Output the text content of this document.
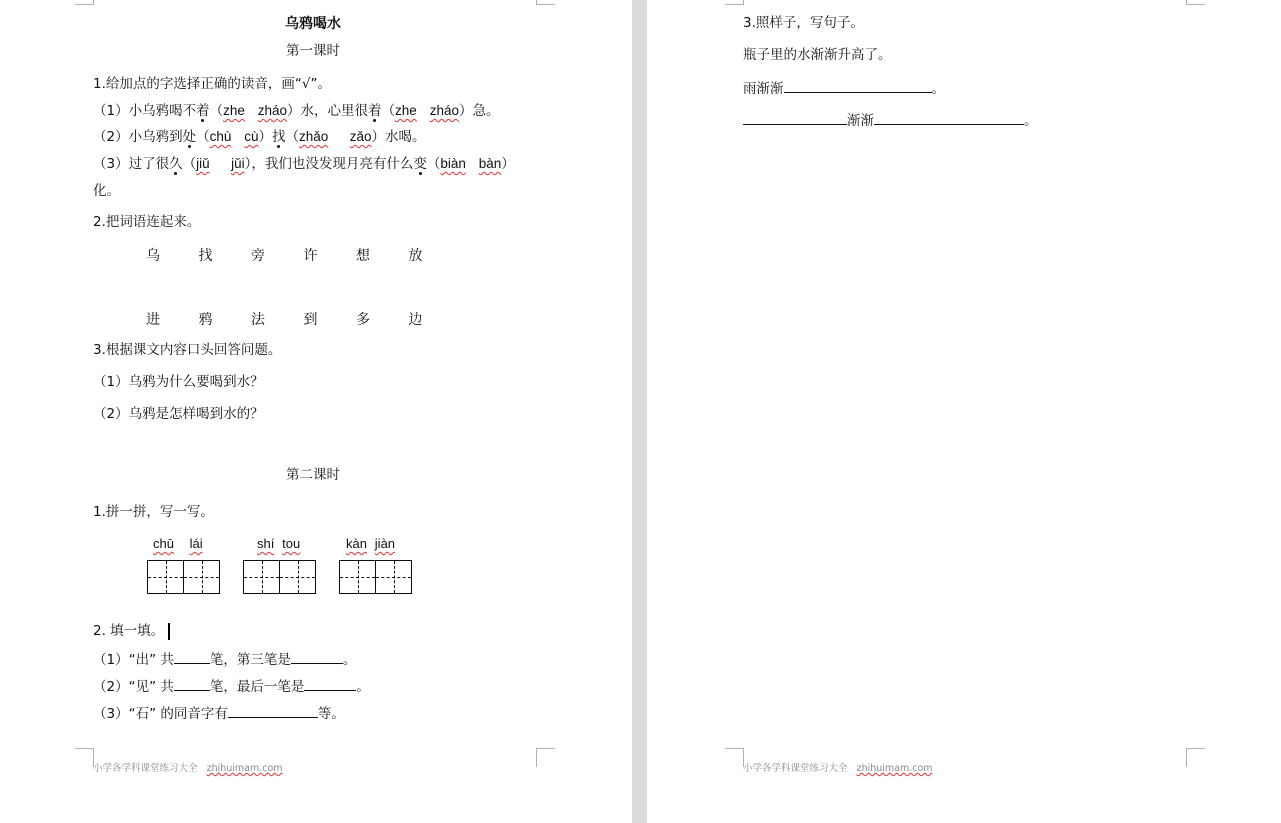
乌鸦喝水
第一课时
1.给加点的字选择正确的读音，画“√”。
（1）小乌鸦喝不着（zhe zháo）水，心里很着（zhe zháo）急。
（2）小乌鸦到处（chù cù）找（zhǎo zǎo）水喝。
（3）过了很久（jiǔ jǔi），我们也没发现月亮有什么变（biàn bàn）
化。
2.把词语连起来。
乌	找	旁	许	想	放
进	鸦	法	到	多	边
3.根据课文内容口头回答问题。
（1）乌鸦为什么要喝到水？
（2）乌鸦是怎样喝到水的？
第二课时
1.拼一拼，写一写。
chū lái	shí tou	kàn jiàn
2. 填一填。
（1）“出” 共	笔，第三笔是	。
（2）“见” 共	笔，最后一笔是	。
（3）“石” 的同音字有	等。
小学各学科课堂练习大全 zhihuimam.com
3.照样子，写句子。
瓶子里的水渐渐升高了。
雨渐渐	。
渐渐	。
小学各学科课堂练习大全 zhihuimam.com
